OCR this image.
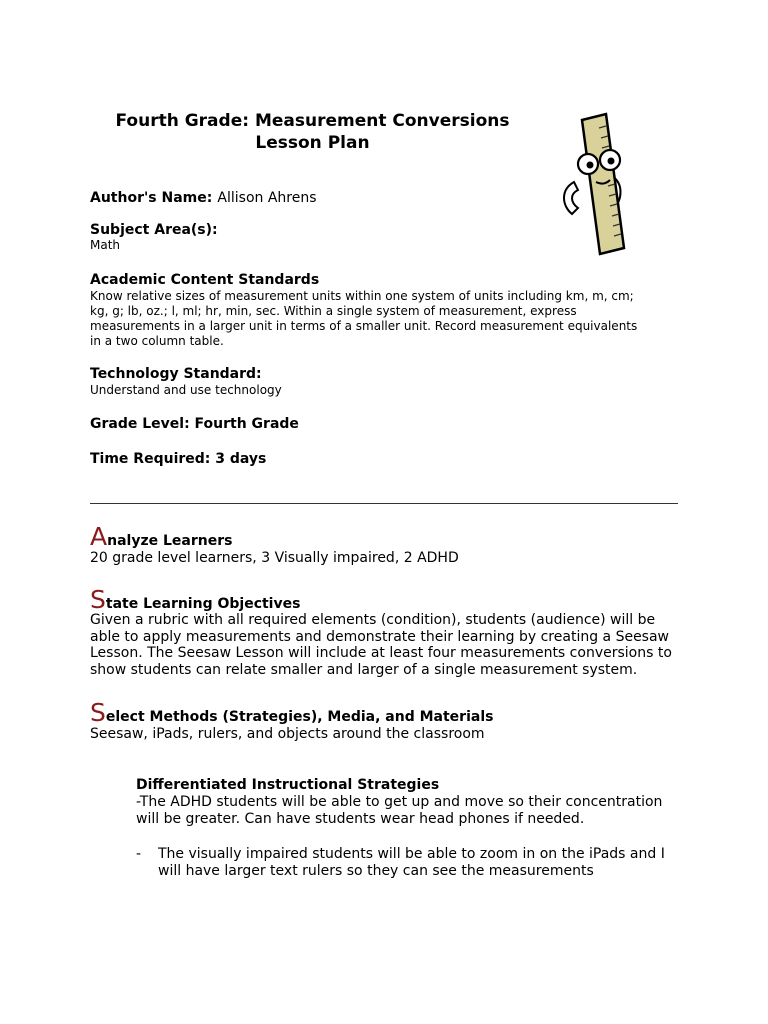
Fourth Grade: Measurement Conversions
Lesson Plan
Author's Name: Allison Ahrens
Subject Area(s):
Math
Academic Content Standards
Know relative sizes of measurement units within one system of units including km, m, cm;
kg, g; lb, oz.; l, ml; hr, min, sec. Within a single system of measurement, express
measurements in a larger unit in terms of a smaller unit. Record measurement equivalents
in a two column table.
Technology Standard:
Understand and use technology
Grade Level: Fourth Grade
Time Required: 3 days
Analyze Learners
20 grade level learners, 3 Visually impaired, 2 ADHD
State Learning Objectives
Given a rubric with all required elements (condition), students (audience) will be
able to apply measurements and demonstrate their learning by creating a Seesaw
Lesson. The Seesaw Lesson will include at least four measurements conversions to
show students can relate smaller and larger of a single measurement system.
Select Methods (Strategies), Media, and Materials
Seesaw, iPads, rulers, and objects around the classroom
Differentiated Instructional Strategies
-The ADHD students will be able to get up and move so their concentration
will be greater. Can have students wear head phones if needed.
- The visually impaired students will be able to zoom in on the iPads and I
will have larger text rulers so they can see the measurements
